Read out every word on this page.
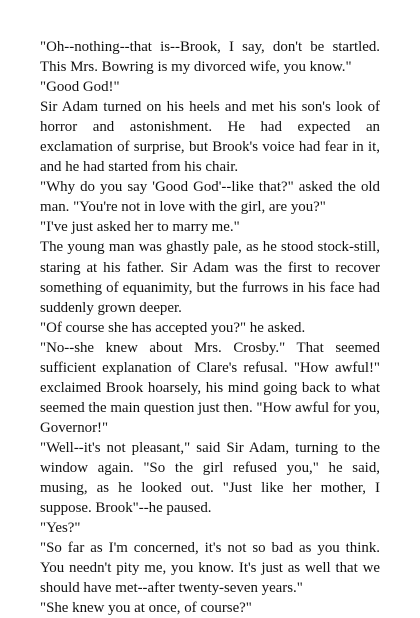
"Oh--nothing--that is--Brook, I say, don't be startled. This Mrs. Bowring is my divorced wife, you know."

"Good God!"

Sir Adam turned on his heels and met his son's look of horror and astonishment. He had expected an exclamation of surprise, but Brook's voice had fear in it, and he had started from his chair.

"Why do you say 'Good God'--like that?" asked the old man. "You're not in love with the girl, are you?"

"I've just asked her to marry me."

The young man was ghastly pale, as he stood stock-still, staring at his father. Sir Adam was the first to recover something of equanimity, but the furrows in his face had suddenly grown deeper.

"Of course she has accepted you?" he asked.

"No--she knew about Mrs. Crosby." That seemed sufficient explanation of Clare's refusal. "How awful!" exclaimed Brook hoarsely, his mind going back to what seemed the main question just then. "How awful for you, Governor!"

"Well--it's not pleasant," said Sir Adam, turning to the window again. "So the girl refused you," he said, musing, as he looked out. "Just like her mother, I suppose. Brook"--he paused.

"Yes?"

"So far as I'm concerned, it's not so bad as you think. You needn't pity me, you know. It's just as well that we should have met--after twenty-seven years."

"She knew you at once, of course?"
